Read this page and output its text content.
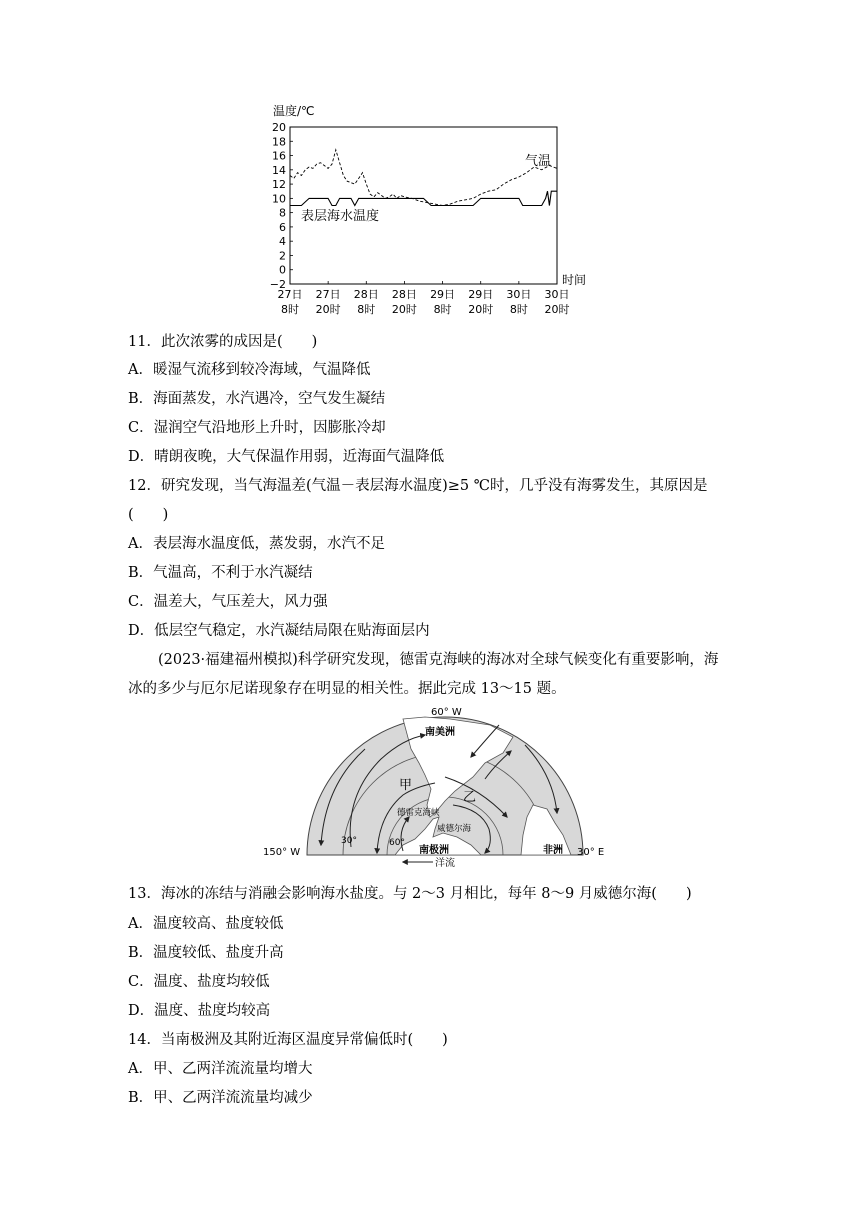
温度/℃
20
18
16
14
12
10
8
6
4
2
0
−2
27日
8时
27日
20时
28日
8时
28日
20时
29日
8时
29日
20时
30日
8时
30日
20时
气温
表层海水温度
时间
11．此次浓雾的成因是(　　)
A．暖湿气流移到较冷海域，气温降低
B．海面蒸发，水汽遇冷，空气发生凝结
C．湿润空气沿地形上升时，因膨胀冷却
D．晴朗夜晚，大气保温作用弱，近海面气温降低
12．研究发现，当气海温差(气温－表层海水温度)≥5 ℃时，几乎没有海雾发生，其原因是
(　　)
A．表层海水温度低，蒸发弱，水汽不足
B．气温高，不利于水汽凝结
C．温差大，气压差大，风力强
D．低层空气稳定，水汽凝结局限在贴海面层内
(2023·福建福州模拟)科学研究发现，德雷克海峡的海冰对全球气候变化有重要影响，海
冰的多少与厄尔尼诺现象存在明显的相关性。据此完成 13～15 题。
60° W
南美洲
甲
乙
德雷克海峡
威德尔海
30°	60°
南极洲	非洲
150° W	30° E
洋流
13．海冰的冻结与消融会影响海水盐度。与 2～3 月相比，每年 8～9 月威德尔海(　　)
A．温度较高、盐度较低
B．温度较低、盐度升高
C．温度、盐度均较低
D．温度、盐度均较高
14．当南极洲及其附近海区温度异常偏低时(　　)
A．甲、乙两洋流流量均增大
B．甲、乙两洋流流量均减少
